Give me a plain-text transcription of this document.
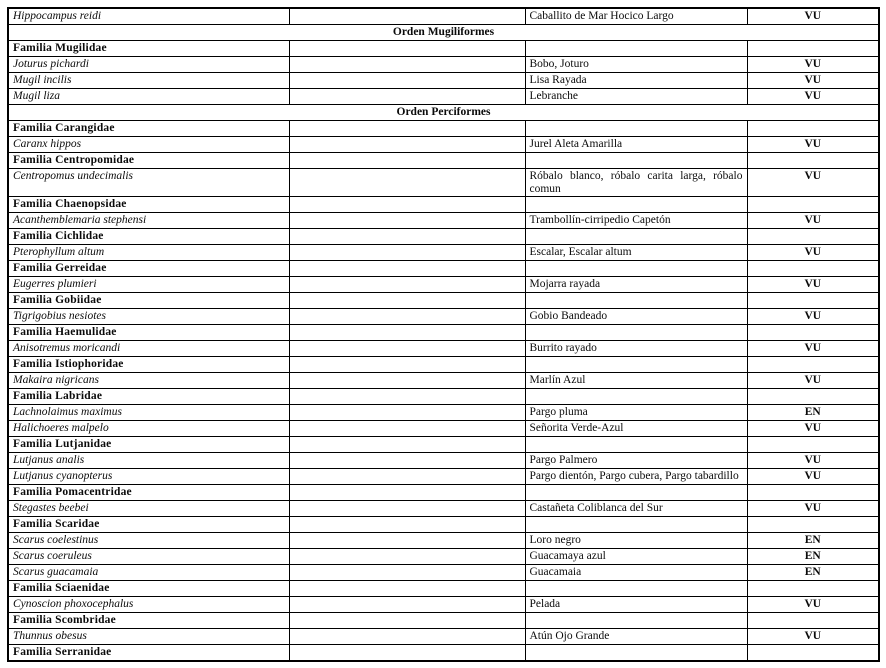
Hippocampus reidi		Caballito de Mar Hocico Largo	VU
Orden Mugiliformes			
Familia Mugilidae			
Joturus pichardi		Bobo, Joturo	VU
Mugil incilis		Lisa Rayada	VU
Mugil liza		Lebranche	VU
Orden Perciformes			
Familia Carangidae			
Caranx hippos		Jurel Aleta Amarilla	VU
Familia Centropomidae			
Centropomus undecimalis		Róbalo blanco, róbalo carita larga, róbalo comun	VU
Familia Chaenopsidae			
Acanthemblemaria stephensi		Trambollín-cirripedio Capetón	VU
Familia Cichlidae			
Pterophyllum altum		Escalar, Escalar altum	VU
Familia Gerreidae			
Eugerres plumieri		Mojarra rayada	VU
Familia Gobiidae			
Tigrigobius nesiotes		Gobio Bandeado	VU
Familia Haemulidae			
Anisotremus moricandi		Burrito rayado	VU
Familia Istiophoridae			
Makaira nigricans		Marlín Azul	VU
Familia Labridae			
Lachnolaimus maximus		Pargo pluma	EN
Halichoeres malpelo		Señorita Verde-Azul	VU
Familia Lutjanidae			
Lutjanus analis		Pargo Palmero	VU
Lutjanus cyanopterus		Pargo dientón, Pargo cubera, Pargo tabardillo	VU
Familia Pomacentridae			
Stegastes beebei		Castañeta Coliblanca del Sur	VU
Familia Scaridae			
Scarus coelestinus		Loro negro	EN
Scarus coeruleus		Guacamaya azul	EN
Scarus guacamaia		Guacamaia	EN
Familia Sciaenidae			
Cynoscion phoxocephalus		Pelada	VU
Familia Scombridae			
Thunnus obesus		Atún Ojo Grande	VU
Familia Serranidae			
